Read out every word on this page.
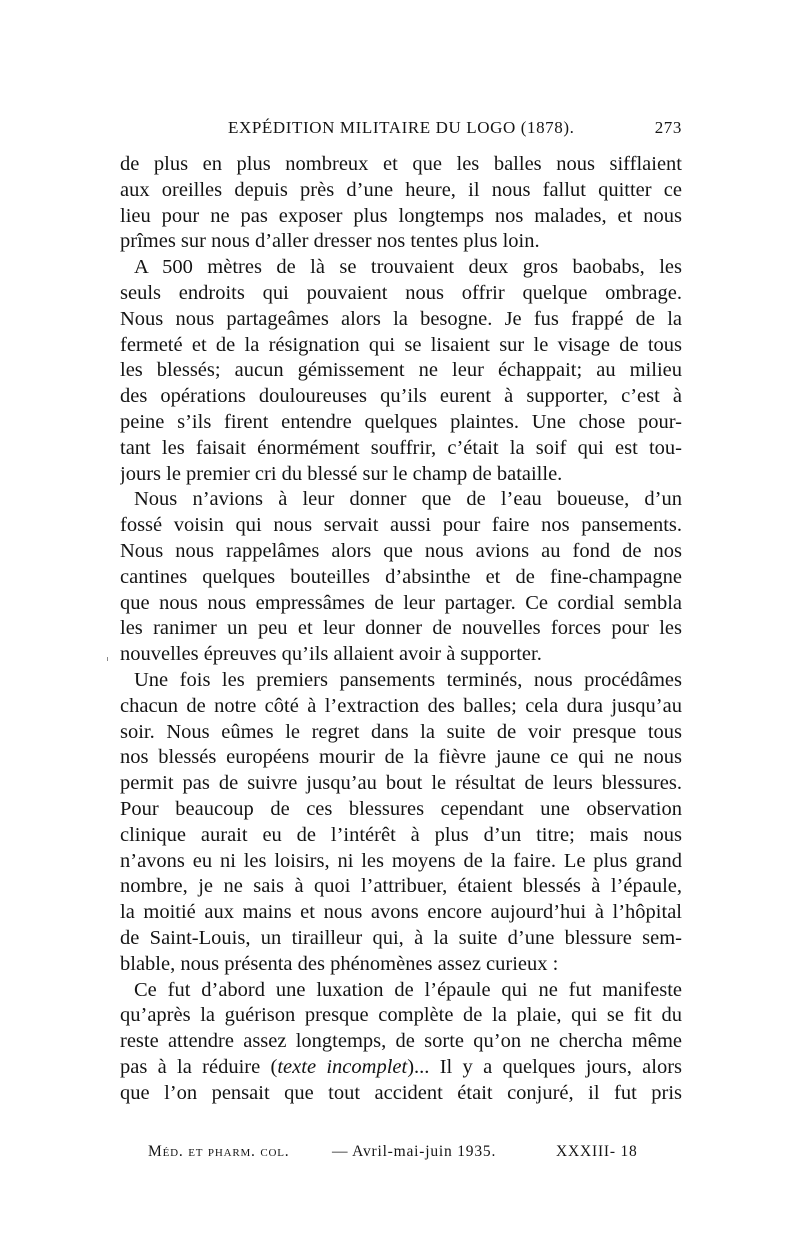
EXPÉDITION MILITAIRE DU LOGO (1878).	273
de plus en plus nombreux et que les balles nous sifflaient
aux oreilles depuis près d’une heure, il nous fallut quitter ce
lieu pour ne pas exposer plus longtemps nos malades, et nous
prîmes sur nous d’aller dresser nos tentes plus loin.
A 500 mètres de là se trouvaient deux gros baobabs, les
seuls endroits qui pouvaient nous offrir quelque ombrage.
Nous nous partageâmes alors la besogne. Je fus frappé de la
fermeté et de la résignation qui se lisaient sur le visage de tous
les blessés; aucun gémissement ne leur échappait; au milieu
des opérations douloureuses qu’ils eurent à supporter, c’est à
peine s’ils firent entendre quelques plaintes. Une chose pour-
tant les faisait énormément souffrir, c’était la soif qui est tou-
jours le premier cri du blessé sur le champ de bataille.
Nous n’avions à leur donner que de l’eau boueuse, d’un
fossé voisin qui nous servait aussi pour faire nos pansements.
Nous nous rappelâmes alors que nous avions au fond de nos
cantines quelques bouteilles d’absinthe et de fine-champagne
que nous nous empressâmes de leur partager. Ce cordial sembla
les ranimer un peu et leur donner de nouvelles forces pour les
nouvelles épreuves qu’ils allaient avoir à supporter.
Une fois les premiers pansements terminés, nous procédâmes
chacun de notre côté à l’extraction des balles; cela dura jusqu’au
soir. Nous eûmes le regret dans la suite de voir presque tous
nos blessés européens mourir de la fièvre jaune ce qui ne nous
permit pas de suivre jusqu’au bout le résultat de leurs blessures.
Pour beaucoup de ces blessures cependant une observation
clinique aurait eu de l’intérêt à plus d’un titre; mais nous
n’avons eu ni les loisirs, ni les moyens de la faire. Le plus grand
nombre, je ne sais à quoi l’attribuer, étaient blessés à l’épaule,
la moitié aux mains et nous avons encore aujourd’hui à l’hôpital
de Saint-Louis, un tirailleur qui, à la suite d’une blessure sem-
blable, nous présenta des phénomènes assez curieux :
Ce fut d’abord une luxation de l’épaule qui ne fut manifeste
qu’après la guérison presque complète de la plaie, qui se fit du
reste attendre assez longtemps, de sorte qu’on ne chercha même
pas à la réduire (texte incomplet)... Il y a quelques jours, alors
que l’on pensait que tout accident était conjuré, il fut pris
Méd. et pharm. col.	— Avril-mai-juin 1935.	XXXIII- 18
